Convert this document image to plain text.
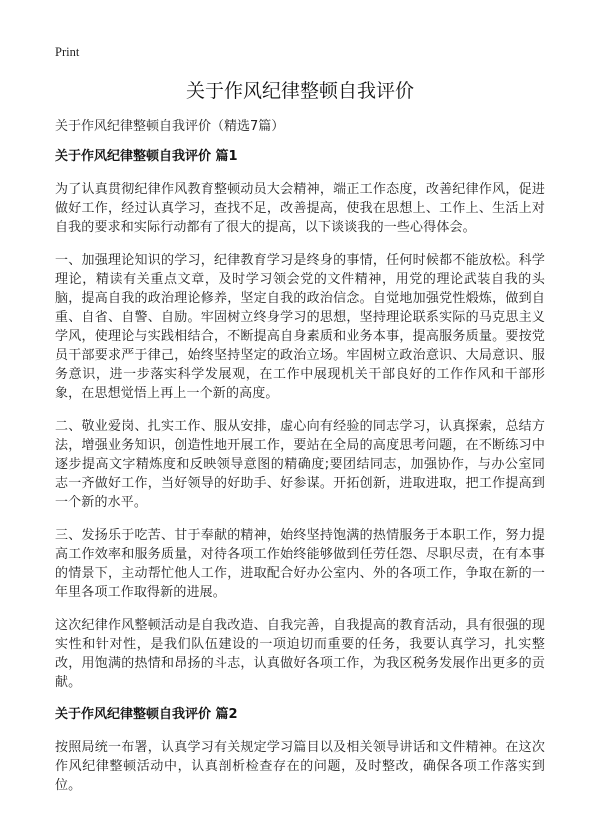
Print
关于作风纪律整顿自我评价

关于作风纪律整顿自我评价（精选7篇）

关于作风纪律整顿自我评价 篇1

为了认真贯彻纪律作风教育整顿动员大会精神，端正工作态度，改善纪律作风，促进做好工作，经过认真学习，查找不足，改善提高，使我在思想上、工作上、生活上对自我的要求和实际行动都有了很大的提高，以下谈谈我的一些心得体会。

一、加强理论知识的学习，纪律教育学习是终身的事情，任何时候都不能放松。科学理论，精读有关重点文章，及时学习领会党的文件精神，用党的理论武装自我的头脑，提高自我的政治理论修养，坚定自我的政治信念。自觉地加强党性煅炼，做到自重、自省、自警、自励。牢固树立终身学习的思想，坚持理论联系实际的马克思主义学风，使理论与实践相结合，不断提高自身素质和业务本事，提高服务质量。要按党员干部要求严于律己，始终坚持坚定的政治立场。牢固树立政治意识、大局意识、服务意识，进一步落实科学发展观，在工作中展现机关干部良好的工作作风和干部形象，在思想觉悟上再上一个新的高度。

二、敬业爱岗、扎实工作、服从安排，虚心向有经验的同志学习，认真探索，总结方法，增强业务知识，创造性地开展工作，要站在全局的高度思考问题，在不断练习中逐步提高文字精炼度和反映领导意图的精确度;要团结同志，加强协作，与办公室同志一齐做好工作，当好领导的好助手、好参谋。开拓创新，进取进取，把工作提高到一个新的水平。

三、发扬乐于吃苦、甘于奉献的精神，始终坚持饱满的热情服务于本职工作，努力提高工作效率和服务质量，对待各项工作始终能够做到任劳任怨、尽职尽责，在有本事的情景下，主动帮忙他人工作，进取配合好办公室内、外的各项工作，争取在新的一年里各项工作取得新的进展。

这次纪律作风整顿活动是自我改造、自我完善，自我提高的教育活动，具有很强的现实性和针对性，是我们队伍建设的一项迫切而重要的任务，我要认真学习，扎实整改，用饱满的热情和昂扬的斗志，认真做好各项工作，为我区税务发展作出更多的贡献。

关于作风纪律整顿自我评价 篇2

按照局统一布署，认真学习有关规定学习篇目以及相关领导讲话和文件精神。在这次作风纪律整顿活动中，认真剖析检查存在的问题，及时整改，确保各项工作落实到位。
